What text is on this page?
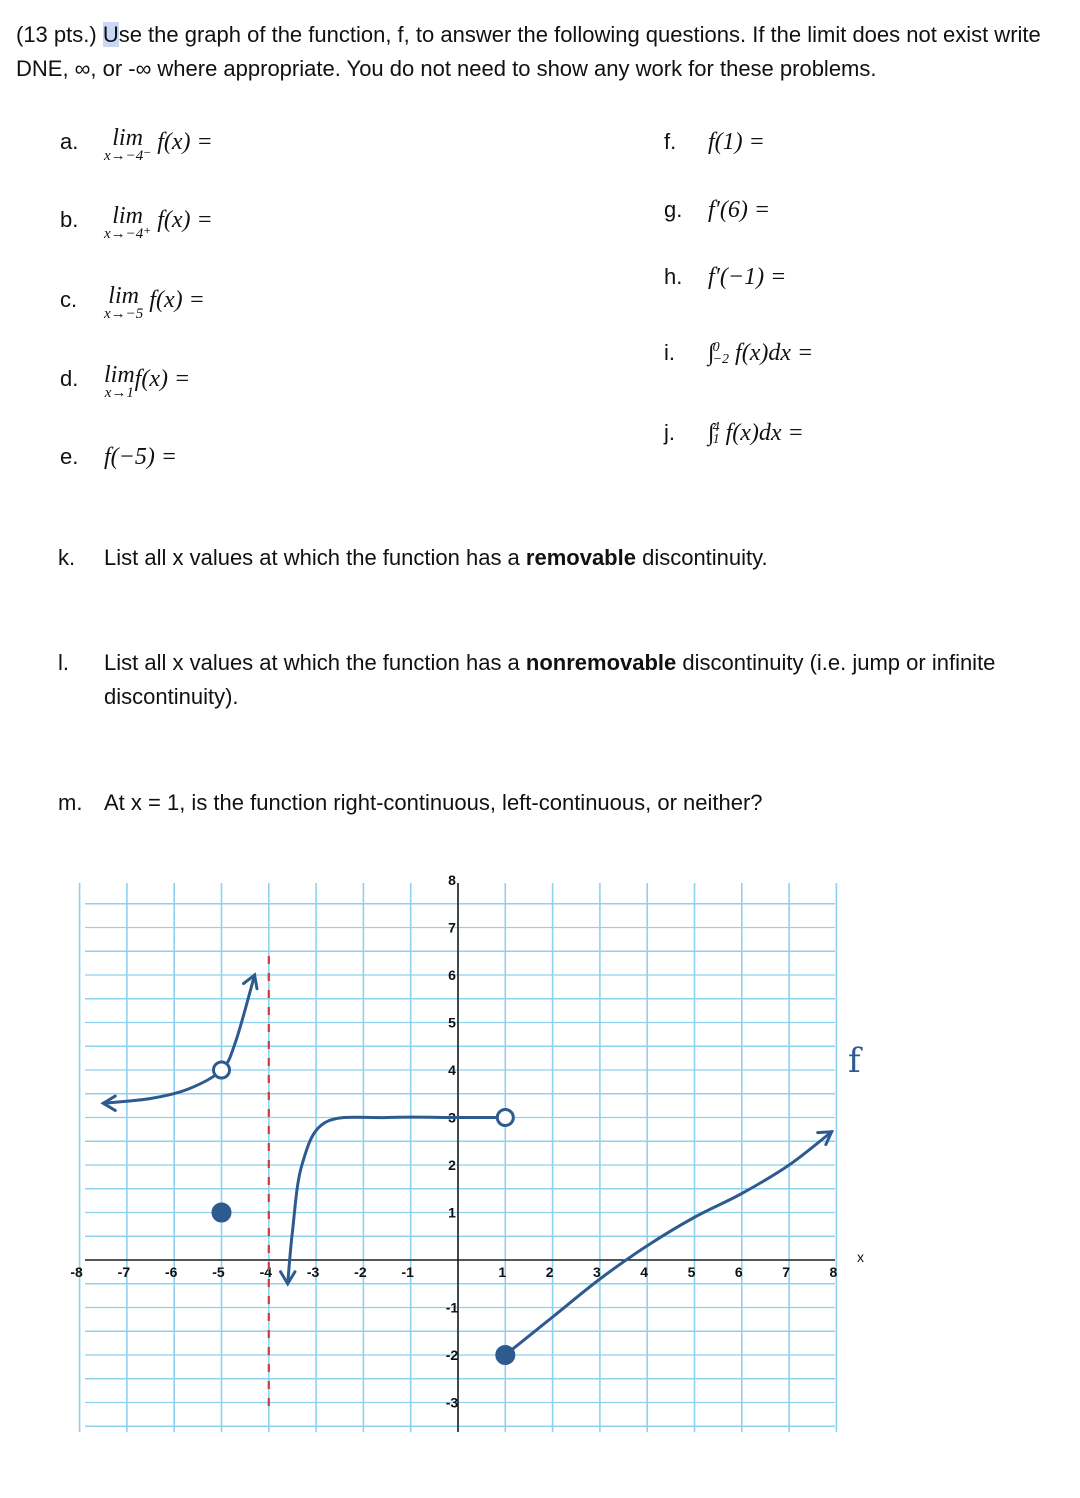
(13 pts.) Use the graph of the function, f, to answer the following questions. If the limit does not exist write DNE, ∞, or -∞ where appropriate. You do not need to show any work for these problems.
a. lim
x→−4⁻
f(x) =
b. lim
x→−4⁺
f(x) =
c. lim
x→−5
f(x) =
d. lim
x→1
f(x) =
e. f(−5) =
f. f(1) =
g. f′(6) =
h. f′(−1) =
i. ∫
0
−2 f(x)dx =
j. ∫
4
1 f(x)dx =
k.	List all x values at which the function has a removable discontinuity.
l.	List all x values at which the function has a nonremovable discontinuity (i.e. jump or infinite discontinuity).
m. At x = 1, is the function right-continuous, left-continuous, or neither?
-8 -7 -6 -5 -4 -3 -2 -1	1	2	3	4	5	6	7	8
8
7
6
5
4
3
2
1
-1
-2
-3
x
f
